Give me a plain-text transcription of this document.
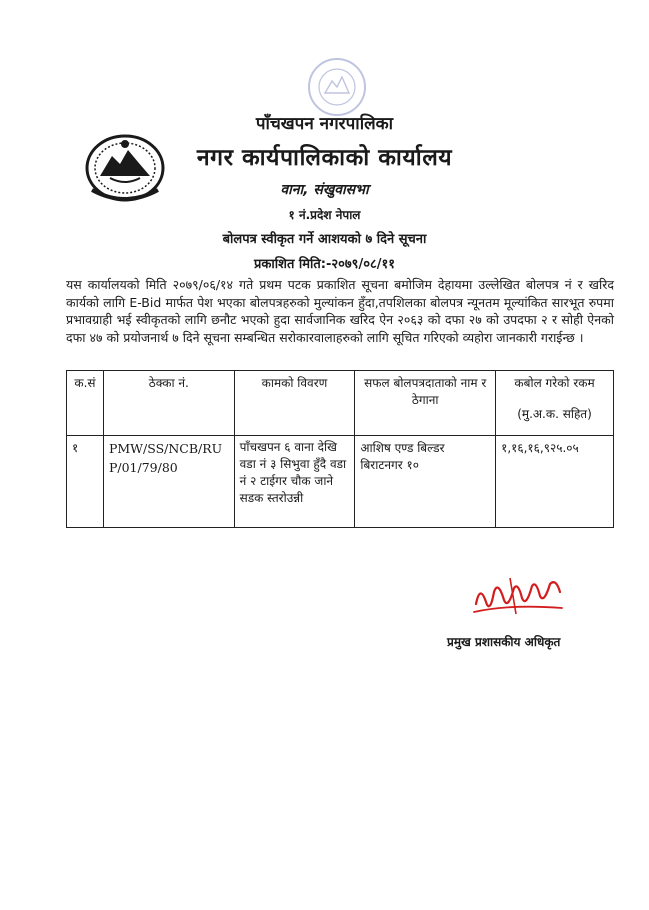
पाँचखपन नगरपालिका
नगर कार्यपालिकाको कार्यालय
वाना, संखुवासभा
१ नं.प्रदेश नेपाल
बोलपत्र स्वीकृत गर्ने आशयको ७ दिने सूचना
प्रकाशित मिति:-२०७९/०८/११
यस कार्यालयको मिति २०७९/०६/१४ गते प्रथम पटक प्रकाशित सूचना बमोजिम देहायमा उल्लेखित बोलपत्र नं र खरिद कार्यको लागि E-Bid मार्फत पेश भएका बोलपत्रहरुको मुल्यांकन हुँदा,तपशिलका बोलपत्र न्यूनतम मूल्यांकित सारभूत रुपमा प्रभावग्राही भई स्वीकृतको लागि छनौट भएको हुदा सार्वजानिक खरिद ऐन २०६३ को दफा २७ को उपदफा २ र सोही ऐनको दफा ४७ को प्रयोजनार्थ ७ दिने सूचना सम्बन्धित सरोकारवालाहरुको लागि सूचित गरिएको व्यहोरा जानकारी गराईन्छ ।
क.सं	ठेक्का नं.	कामको विवरण	सफल बोलपत्रदाताको नाम र ठेगाना	कबोल गरेको रकम
(मु.अ.क. सहित)

१	PMW/SS/NCB/RUP/01/79/80	पाँचखपन ६ वाना देखि वडा नं ३ सिभुवा हुँदै वडा नं २ टाईगर चौक जाने सडक स्तरोउन्नी	आशिष एण्ड बिल्डर बिराटनगर १०	१,१६,१६,९२५.०५
प्रमुख प्रशासकीय अधिकृत
